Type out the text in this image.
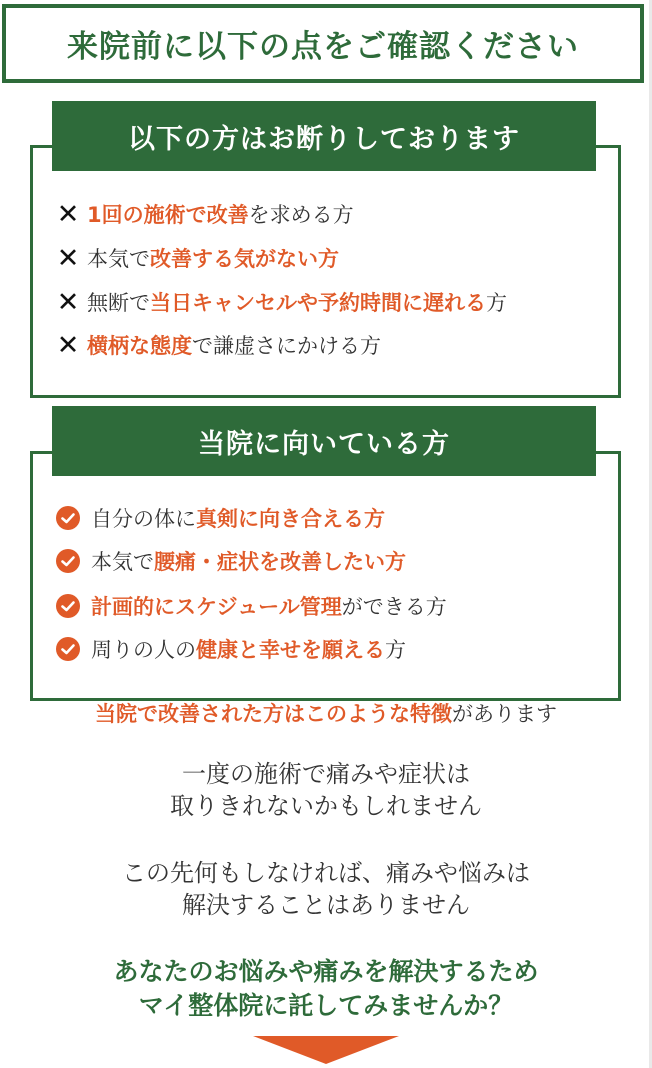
来院前に以下の点をご確認ください
以下の方はお断りしております
✕ 1回の施術で改善 を求める方
✕ 本気で 改善する気がない方
✕ 無断で 当日キャンセルや予約時間に遅れる 方
✕ 横柄な態度 で謙虚さにかける方
当院に向いている方
自分の体に 真剣に向き合える方
本気で 腰痛・症状を改善したい方
計画的にスケジュール管理 ができる方
周りの人の 健康と幸せを願える 方
当院で改善された方はこのような特徴があります
一度の施術で痛みや症状は
取りきれないかもしれません
この先何もしなければ、痛みや悩みは
解決することはありません
あなたのお悩みや痛みを解決するため
マイ整体院に託してみませんか？
